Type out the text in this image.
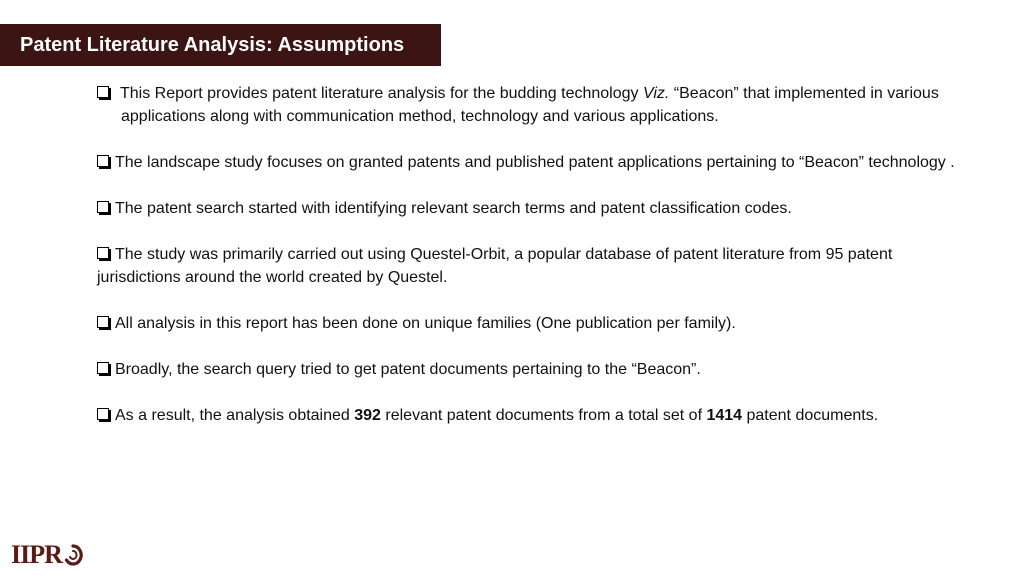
Patent Literature Analysis: Assumptions

This Report provides patent literature analysis for the budding technology Viz. “Beacon” that implemented in various applications along with communication method, technology and various applications.

The landscape study focuses on granted patents and published patent applications pertaining to “Beacon” technology .

The patent search started with identifying relevant search terms and patent classification codes.

The study was primarily carried out using Questel-Orbit, a popular database of patent literature from 95 patent jurisdictions around the world created by Questel.

All analysis in this report has been done on unique families (One publication per family).

Broadly, the search query tried to get patent documents pertaining to the “Beacon”.

As a result, the analysis obtained 392 relevant patent documents from a total set of 1414 patent documents.

IIPR
